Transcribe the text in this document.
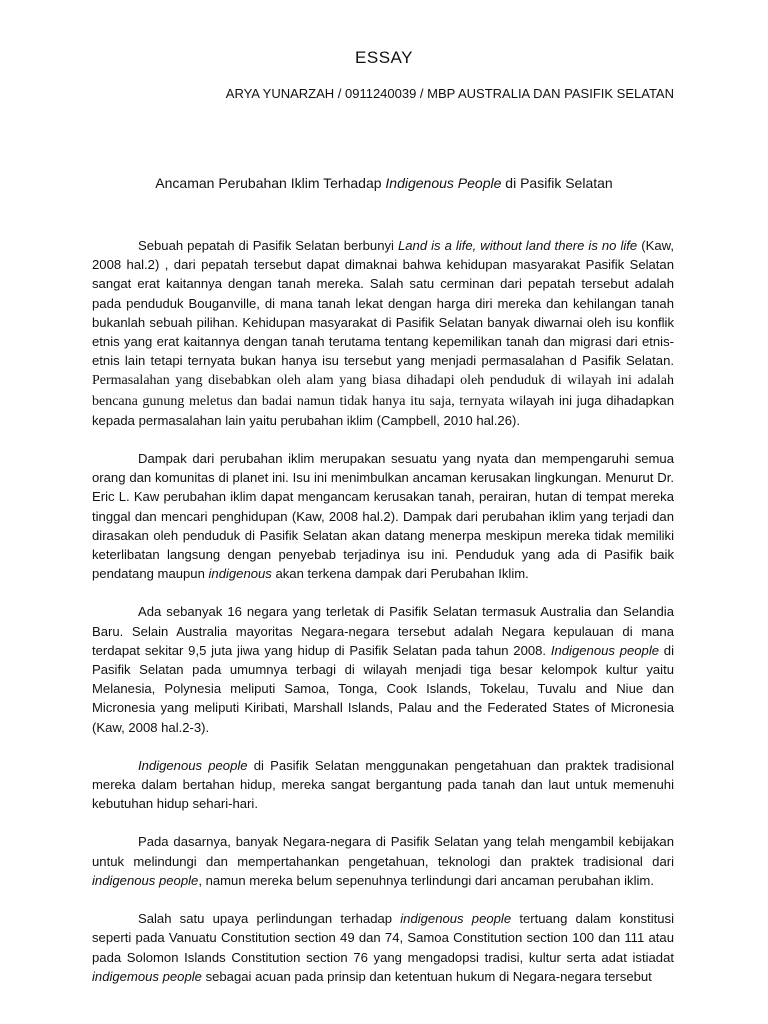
ESSAY

ARYA YUNARZAH / 0911240039 / MBP AUSTRALIA DAN PASIFIK SELATAN

Ancaman Perubahan Iklim Terhadap Indigenous People di Pasifik Selatan

Sebuah pepatah di Pasifik Selatan berbunyi Land is a life, without land there is no life (Kaw, 2008 hal.2) , dari pepatah tersebut dapat dimaknai bahwa kehidupan masyarakat Pasifik Selatan sangat erat kaitannya dengan tanah mereka. Salah satu cerminan dari pepatah tersebut adalah pada penduduk Bouganville, di mana tanah lekat dengan harga diri mereka dan kehilangan tanah bukanlah sebuah pilihan. Kehidupan masyarakat di Pasifik Selatan banyak diwarnai oleh isu konflik etnis yang erat kaitannya dengan tanah terutama tentang kepemilikan tanah dan migrasi dari etnis-etnis lain tetapi ternyata bukan hanya isu tersebut yang menjadi permasalahan d Pasifik Selatan. Permasalahan yang disebabkan oleh alam yang biasa dihadapi oleh penduduk di wilayah ini adalah bencana gunung meletus dan badai namun tidak hanya itu saja, ternyata wilayah ini juga dihadapkan kepada permasalahan lain yaitu perubahan iklim (Campbell, 2010 hal.26).

Dampak dari perubahan iklim merupakan sesuatu yang nyata dan mempengaruhi semua orang dan komunitas di planet ini. Isu ini menimbulkan ancaman kerusakan lingkungan. Menurut Dr. Eric L. Kaw perubahan iklim dapat mengancam kerusakan tanah, perairan, hutan di tempat mereka tinggal dan mencari penghidupan (Kaw, 2008 hal.2). Dampak dari perubahan iklim yang terjadi dan dirasakan oleh penduduk di Pasifik Selatan akan datang menerpa meskipun mereka tidak memiliki keterlibatan langsung dengan penyebab terjadinya isu ini. Penduduk yang ada di Pasifik baik pendatang maupun indigenous akan terkena dampak dari Perubahan Iklim.

Ada sebanyak 16 negara yang terletak di Pasifik Selatan termasuk Australia dan Selandia Baru. Selain Australia mayoritas Negara-negara tersebut adalah Negara kepulauan di mana terdapat sekitar 9,5 juta jiwa yang hidup di Pasifik Selatan pada tahun 2008. Indigenous people di Pasifik Selatan pada umumnya terbagi di wilayah menjadi tiga besar kelompok kultur yaitu Melanesia, Polynesia meliputi Samoa, Tonga, Cook Islands, Tokelau, Tuvalu and Niue dan Micronesia yang meliputi Kiribati, Marshall Islands, Palau and the Federated States of Micronesia (Kaw, 2008 hal.2-3).

Indigenous people di Pasifik Selatan menggunakan pengetahuan dan praktek tradisional mereka dalam bertahan hidup, mereka sangat bergantung pada tanah dan laut untuk memenuhi kebutuhan hidup sehari-hari.

Pada dasarnya, banyak Negara-negara di Pasifik Selatan yang telah mengambil kebijakan untuk melindungi dan mempertahankan pengetahuan, teknologi dan praktek tradisional dari indigenous people, namun mereka belum sepenuhnya terlindungi dari ancaman perubahan iklim.

Salah satu upaya perlindungan terhadap indigenous people tertuang dalam konstitusi seperti pada Vanuatu Constitution section 49 dan 74, Samoa Constitution section 100 dan 111 atau pada Solomon Islands Constitution section 76 yang mengadopsi tradisi, kultur serta adat istiadat indigemous people sebagai acuan pada prinsip dan ketentuan hukum di Negara-negara tersebut
